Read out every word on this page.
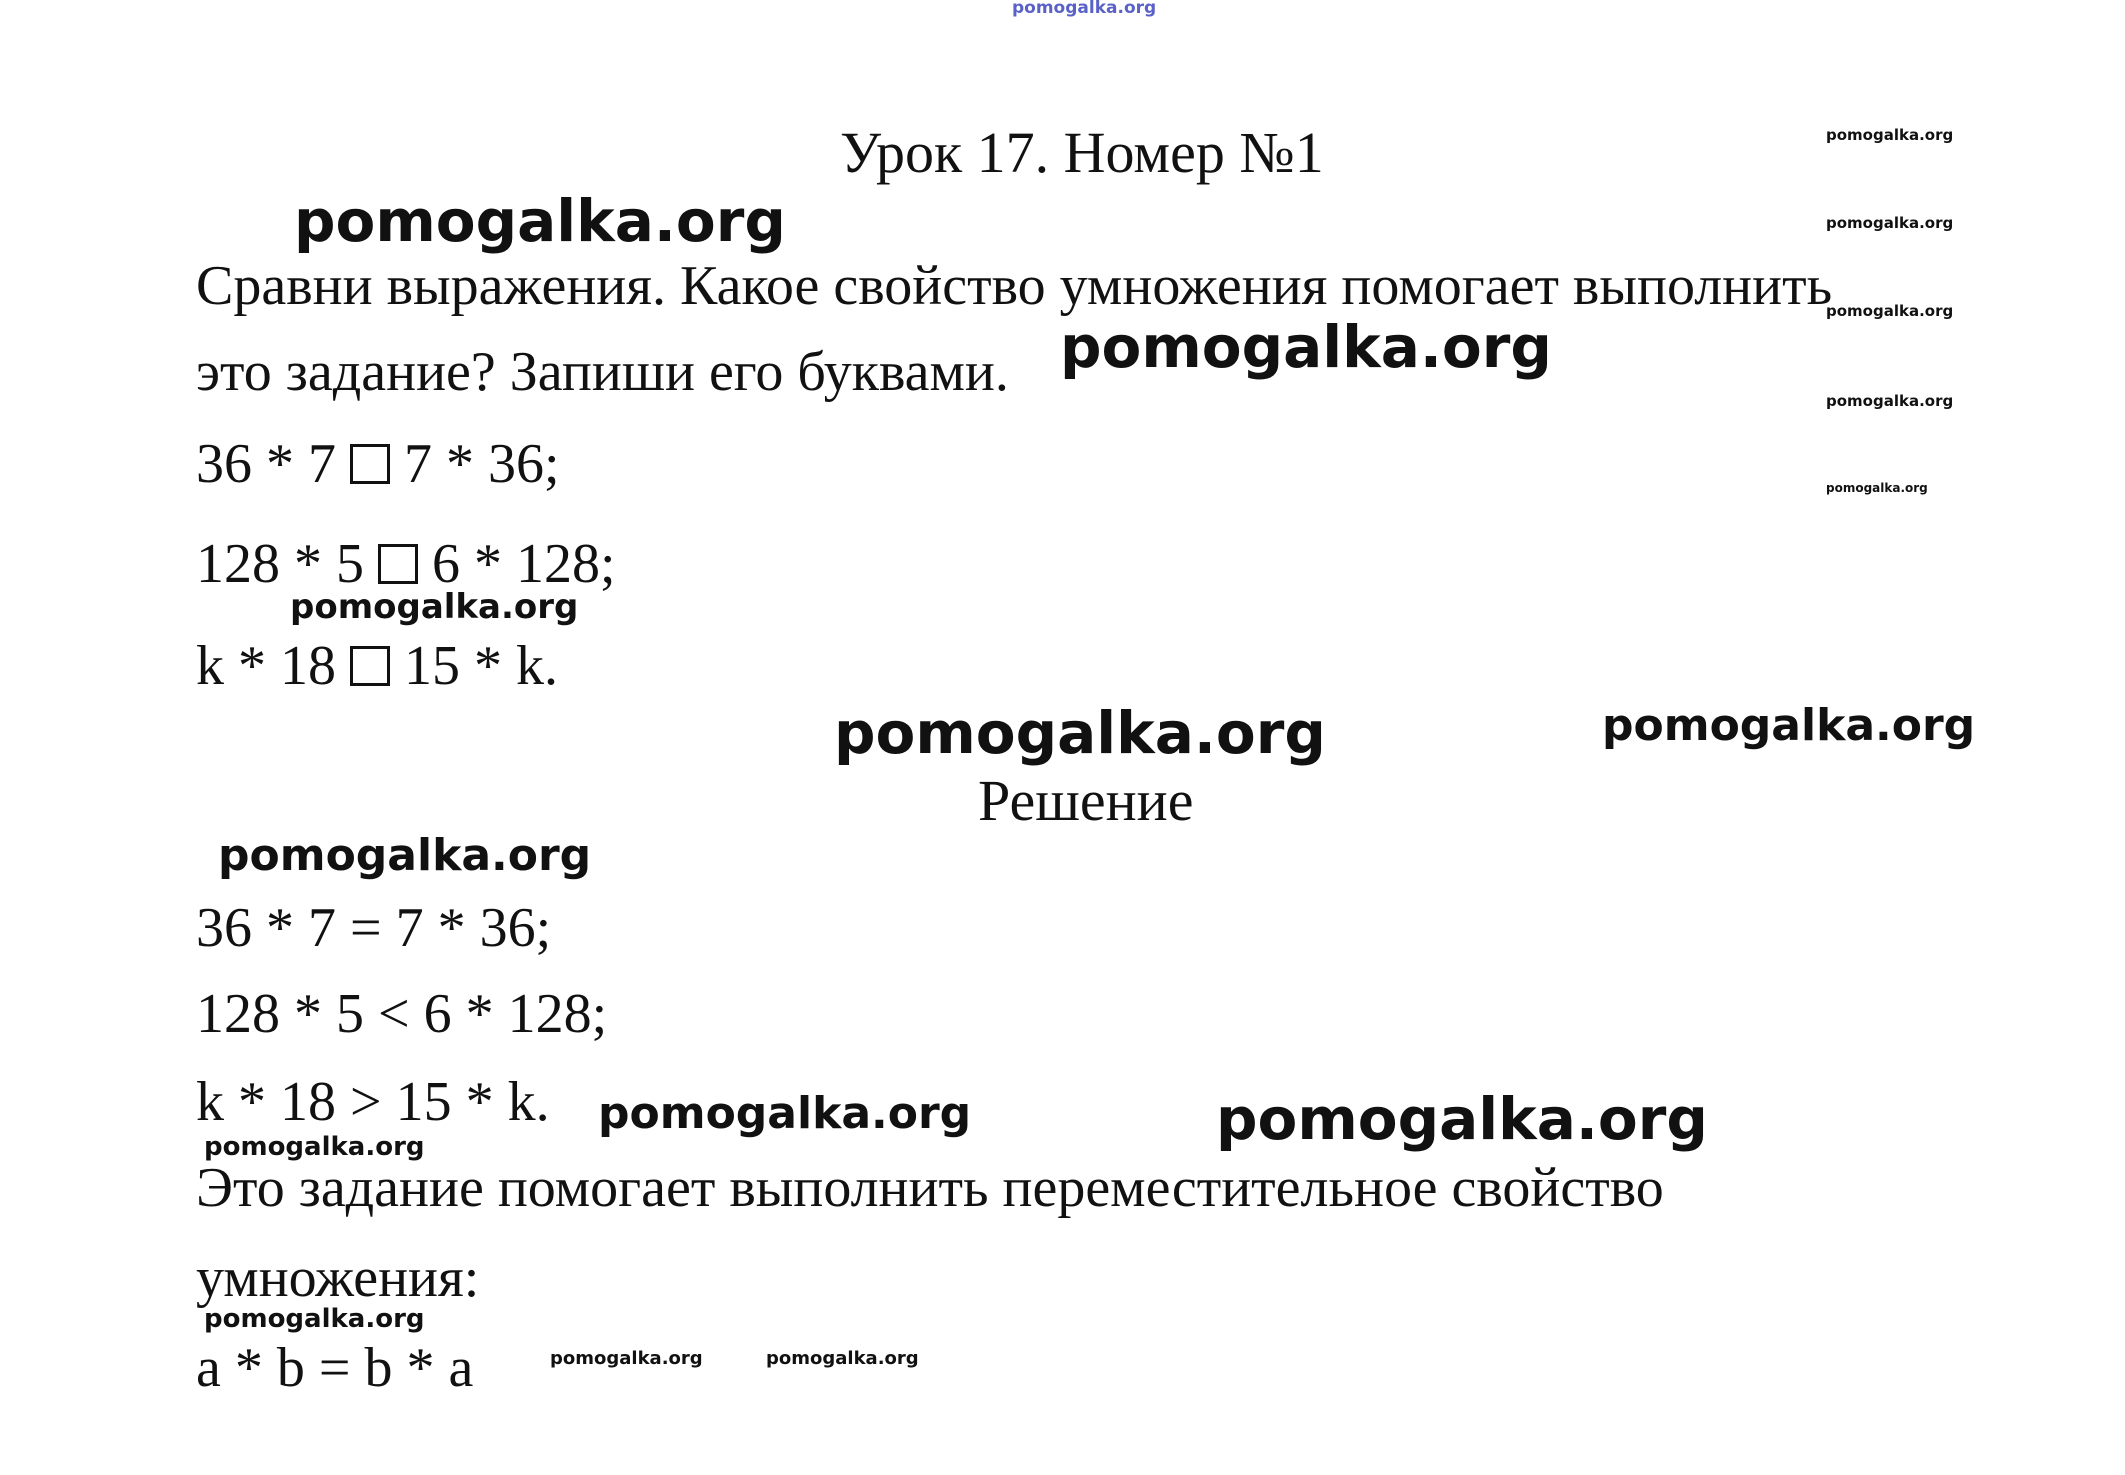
pomogalka.org
Урок 17. Номер №1

Сравни выражения. Какое свойство умножения помогает выполнить

это задание? Запиши его буквами.

36 * 7 7 * 36;

128 * 5 6 * 128;

k * 18 15 * k.

Решение

36 * 7 = 7 * 36;

128 * 5 < 6 * 128;

k * 18 > 15 * k.

Это задание помогает выполнить переместительное свойство

умножения:

a * b = b * a

pomogalka.org
pomogalka.org
pomogalka.org
pomogalka.org
pomogalka.org
pomogalka.org
pomogalka.org
pomogalka.org
pomogalka.org	pomogalka.org
pomogalka.org
pomogalka.org	pomogalka.org
pomogalka.org
pomogalka.org
pomogalka.org	pomogalka.org
